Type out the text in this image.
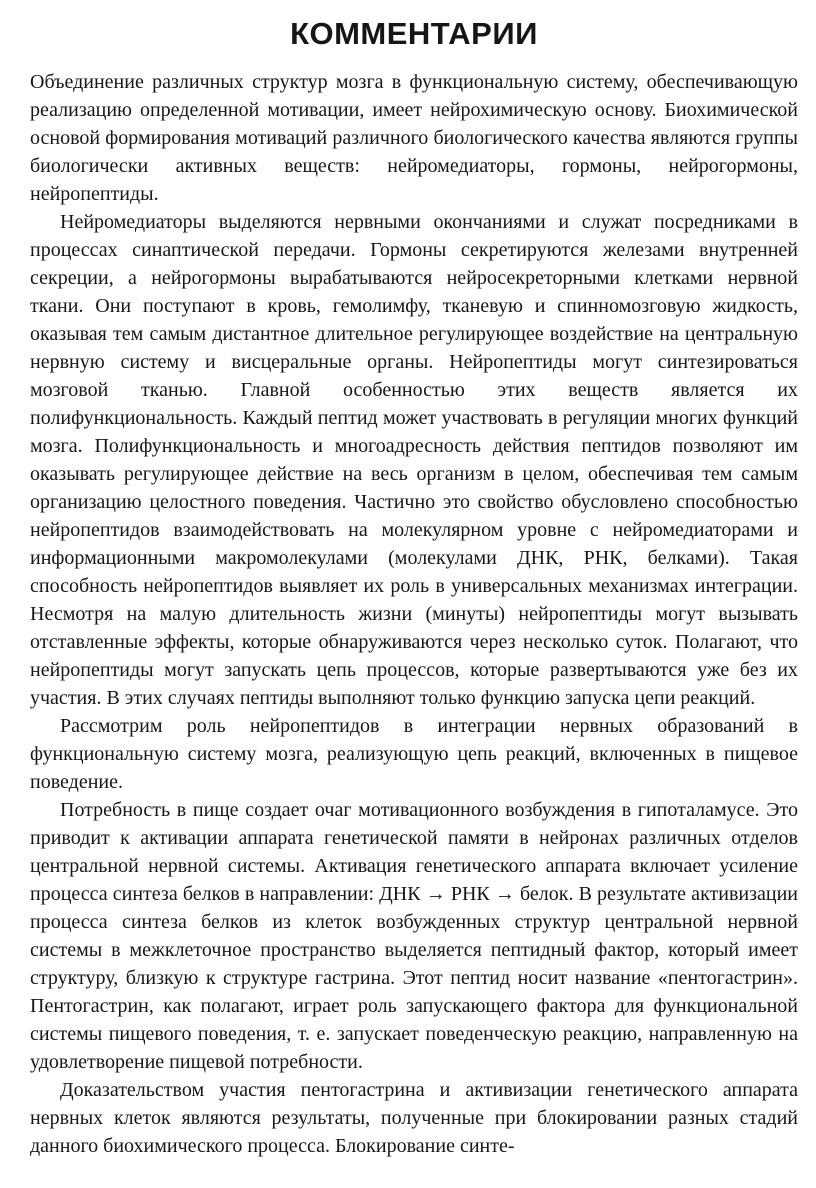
КОММЕНТАРИИ

Объединение различных структур мозга в функциональную систему, обеспечивающую реализацию определенной мотивации, имеет нейрохимическую основу. Биохимической основой формирования мотиваций различного биологического качества являются группы биологически активных веществ: нейромедиаторы, гормоны, нейрогормоны, нейропептиды.

Нейромедиаторы выделяются нервными окончаниями и служат посредниками в процессах синаптической передачи. Гормоны секретируются железами внутренней секреции, а нейрогормоны вырабатываются нейросекреторными клетками нервной ткани. Они поступают в кровь, гемолимфу, тканевую и спинномозговую жидкость, оказывая тем самым дистантное длительное регулирующее воздействие на центральную нервную систему и висцеральные органы. Нейропептиды могут синтезироваться мозговой тканью. Главной особенностью этих веществ является их полифункциональность. Каждый пептид может участвовать в регуляции многих функций мозга. Полифункциональность и многоадресность действия пептидов позволяют им оказывать регулирующее действие на весь организм в целом, обеспечивая тем самым организацию целостного поведения. Частично это свойство обусловлено способностью нейропептидов взаимодействовать на молекулярном уровне с нейромедиаторами и информационными макромолекулами (молекулами ДНК, РНК, белками). Такая способность нейропептидов выявляет их роль в универсальных механизмах интеграции. Несмотря на малую длительность жизни (минуты) нейропептиды могут вызывать отставленные эффекты, которые обнаруживаются через несколько суток. Полагают, что нейропептиды могут запускать цепь процессов, которые развертываются уже без их участия. В этих случаях пептиды выполняют только функцию запуска цепи реакций.

Рассмотрим роль нейропептидов в интеграции нервных образований в функциональную систему мозга, реализующую цепь реакций, включенных в пищевое поведение.

Потребность в пище создает очаг мотивационного возбуждения в гипоталамусе. Это приводит к активации аппарата генетической памяти в нейронах различных отделов центральной нервной системы. Активация генетического аппарата включает усиление процесса синтеза белков в направлении: ДНК → РНК → белок. В результате активизации процесса синтеза белков из клеток возбужденных структур центральной нервной системы в межклеточное пространство выделяется пептидный фактор, который имеет структуру, близкую к структуре гастрина. Этот пептид носит название «пентогастрин». Пентогастрин, как полагают, играет роль запускающего фактора для функциональной системы пищевого поведения, т. е. запускает поведенческую реакцию, направленную на удовлетворение пищевой потребности.

Доказательством участия пентогастрина и активизации генетического аппарата нервных клеток являются результаты, полученные при блокировании разных стадий данного биохимического процесса. Блокирование синте-
